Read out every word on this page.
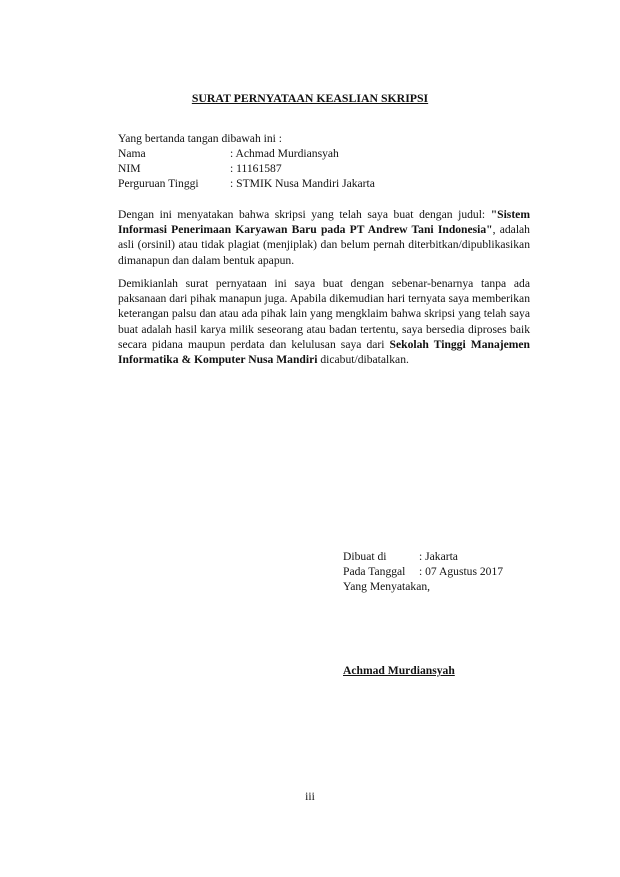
SURAT PERNYATAAN KEASLIAN SKRIPSI
Yang bertanda tangan dibawah ini :
Nama	: Achmad Murdiansyah
NIM	: 11161587
Perguruan Tinggi	: STMIK Nusa Mandiri Jakarta
Dengan ini menyatakan bahwa skripsi yang telah saya buat dengan judul: "Sistem Informasi Penerimaan Karyawan Baru pada PT Andrew Tani Indonesia", adalah asli (orsinil) atau tidak plagiat (menjiplak) dan belum pernah diterbitkan/dipublikasikan dimanapun dan dalam bentuk apapun.
Demikianlah surat pernyataan ini saya buat dengan sebenar-benarnya tanpa ada paksanaan dari pihak manapun juga. Apabila dikemudian hari ternyata saya memberikan keterangan palsu dan atau ada pihak lain yang mengklaim bahwa skripsi yang telah saya buat adalah hasil karya milik seseorang atau badan tertentu, saya bersedia diproses baik secara pidana maupun perdata dan kelulusan saya dari Sekolah Tinggi Manajemen Informatika & Komputer Nusa Mandiri dicabut/dibatalkan.
Dibuat di	: Jakarta
Pada Tanggal	: 07 Agustus 2017
Yang Menyatakan,
Achmad Murdiansyah
iii
